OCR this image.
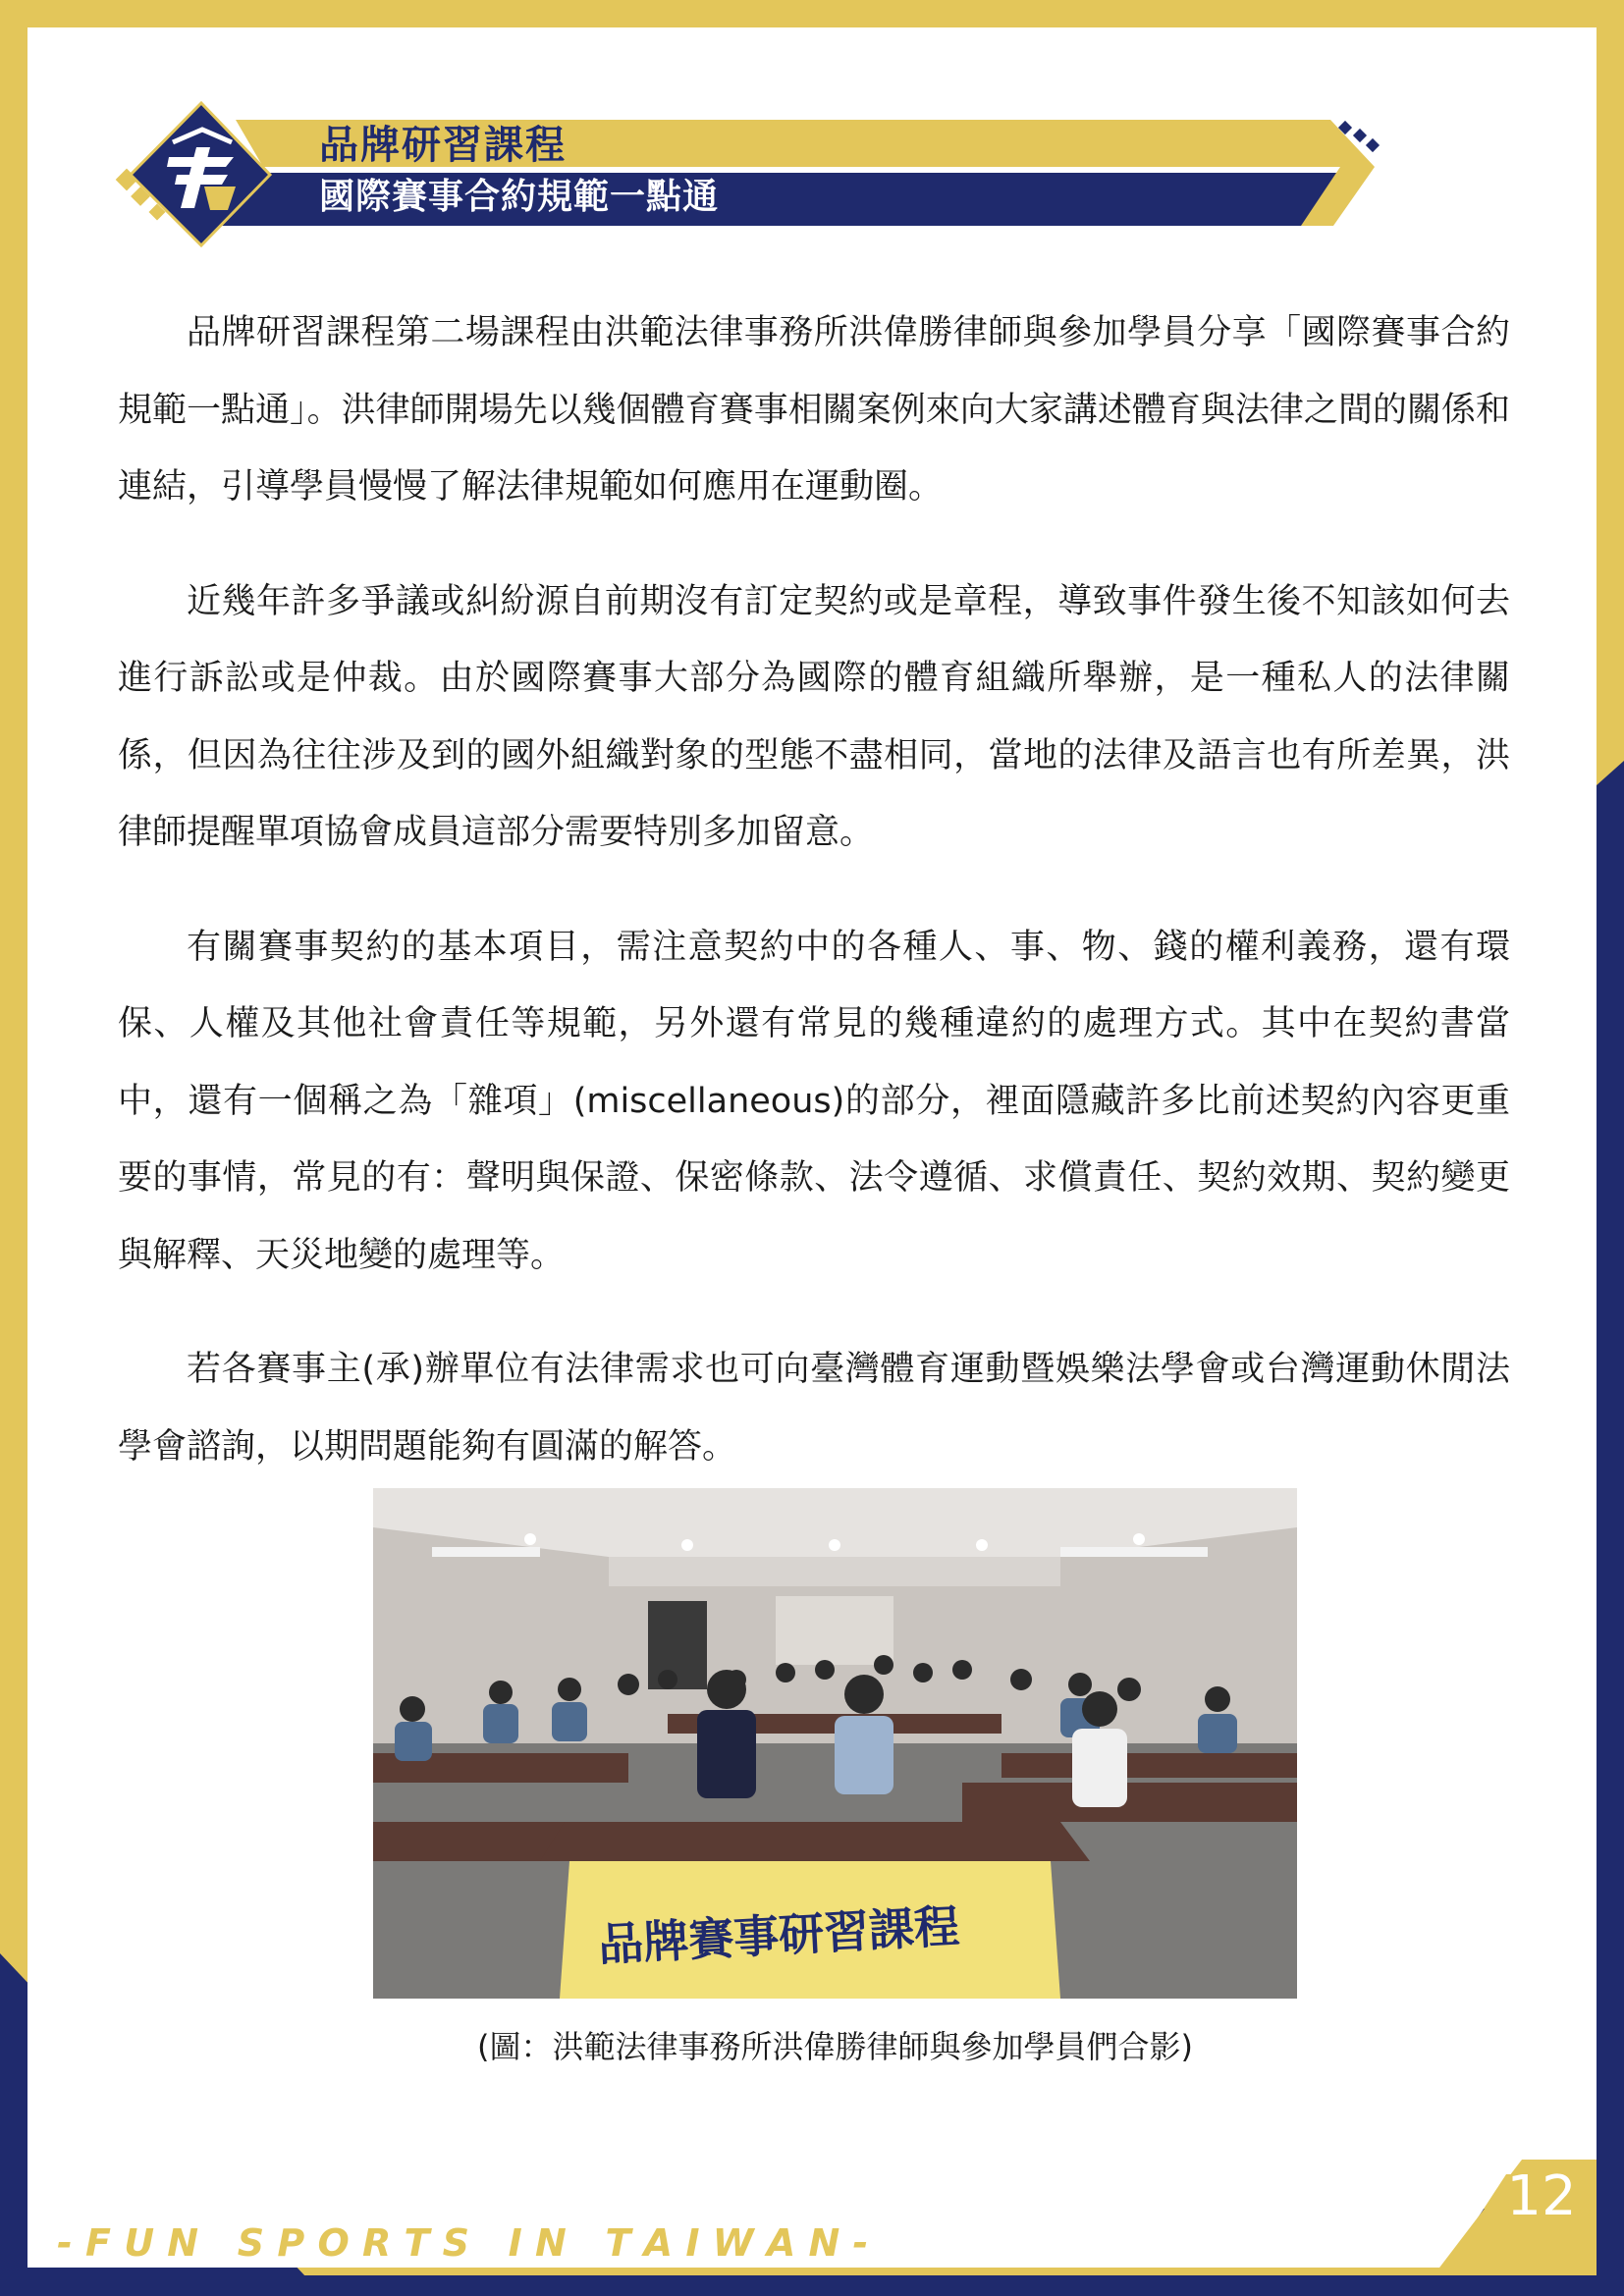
品牌研習課程
國際賽事合約規範一點通

品牌研習課程第二場課程由洪範法律事務所洪偉勝律師與參加學員分享「國際賽事合約規範一點通」。洪律師開場先以幾個體育賽事相關案例來向大家講述體育與法律之間的關係和連結，引導學員慢慢了解法律規範如何應用在運動圈。

近幾年許多爭議或糾紛源自前期沒有訂定契約或是章程，導致事件發生後不知該如何去進行訴訟或是仲裁。由於國際賽事大部分為國際的體育組織所舉辦，是一種私人的法律關係，但因為往往涉及到的國外組織對象的型態不盡相同，當地的法律及語言也有所差異，洪律師提醒單項協會成員這部分需要特別多加留意。

有關賽事契約的基本項目，需注意契約中的各種人、事、物、錢的權利義務，還有環保、人權及其他社會責任等規範，另外還有常見的幾種違約的處理方式。其中在契約書當中，還有一個稱之為「雜項」(miscellaneous)的部分，裡面隱藏許多比前述契約內容更重要的事情，常見的有：聲明與保證、保密條款、法令遵循、求償責任、契約效期、契約變更與解釋、天災地變的處理等。

若各賽事主(承)辦單位有法律需求也可向臺灣體育運動暨娛樂法學會或台灣運動休閒法學會諮詢，以期問題能夠有圓滿的解答。

品牌賽事研習課程
(圖：洪範法律事務所洪偉勝律師與參加學員們合影)
- F U N   S P O R T S   I N   T A I W A N -
12
